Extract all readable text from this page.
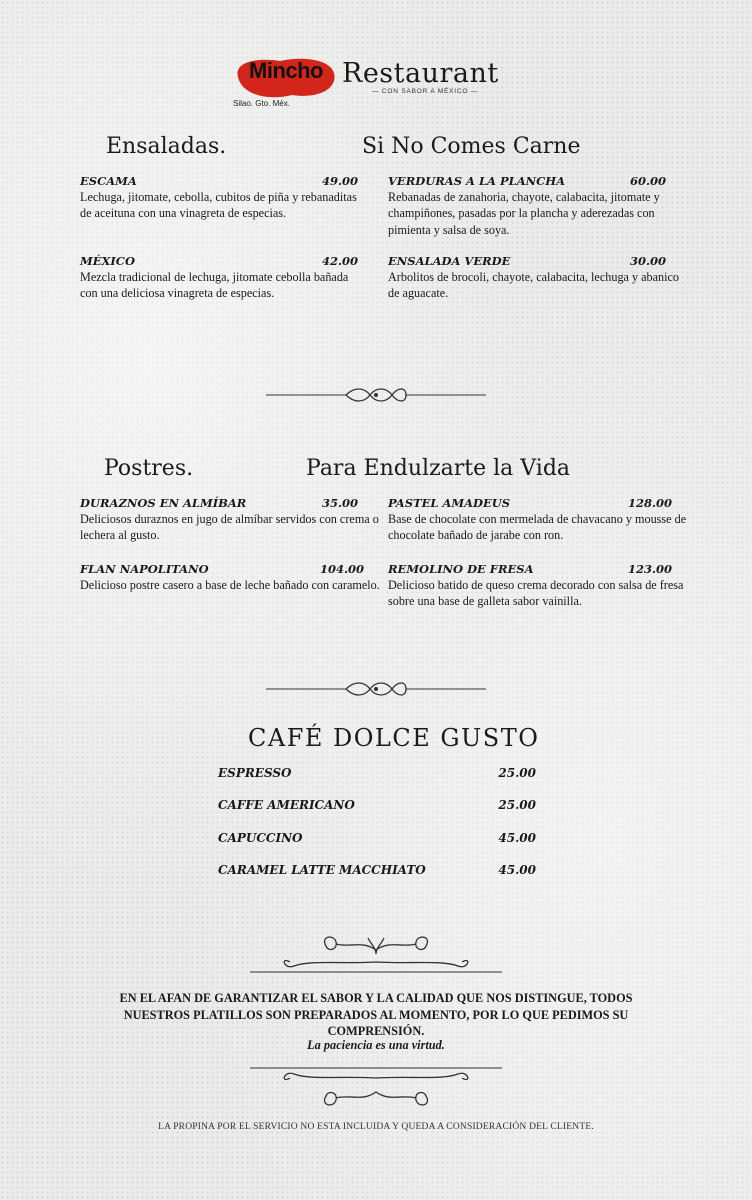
Mincho
Silao. Gto. Méx.
Restaurant
— CON SABOR A MÉXICO —
Ensaladas.
ESCAMA	49.00
Lechuga, jitomate, cebolla, cubitos de piña y rebanaditas de aceituna con una vinagreta de especias.
MÉXICO	42.00
Mezcla tradicional de lechuga, jitomate cebolla bañada con una deliciosa vinagreta de especias.
Si No Comes Carne
VERDURAS A LA PLANCHA	60.00
Rebanadas de zanahoria, chayote, calabacita, jitomate y champiñones, pasadas por la plancha y aderezadas con pimienta y salsa de soya.
ENSALADA VERDE	30.00
Arbolitos de brocoli, chayote, calabacita, lechuga y abanico de aguacate.
Postres.
DURAZNOS EN ALMÍBAR	35.00
Deliciosos duraznos en jugo de almíbar servidos con crema o lechera al gusto.
FLAN NAPOLITANO	104.00
Delicioso postre casero a base de leche bañado con caramelo.
Para Endulzarte la Vida
PASTEL AMADEUS	128.00
Base de chocolate con mermelada de chavacano y mousse de chocolate bañado de jarabe con ron.
REMOLINO DE FRESA	123.00
Delicioso batido de queso crema decorado con salsa de fresa sobre una base de galleta sabor vainilla.
CAFÉ DOLCE GUSTO
ESPRESSO	25.00
CAFFE AMERICANO	25.00
CAPUCCINO	45.00
CARAMEL LATTE MACCHIATO	45.00
EN EL AFAN DE GARANTIZAR EL SABOR Y LA CALIDAD QUE NOS DISTINGUE, TODOS NUESTROS PLATILLOS SON PREPARADOS AL MOMENTO, POR LO QUE PEDIMOS SU COMPRENSIÓN.
La paciencia es una virtud.
LA PROPINA POR EL SERVICIO NO ESTA INCLUIDA Y QUEDA A CONSIDERACIÓN DEL CLIENTE.
